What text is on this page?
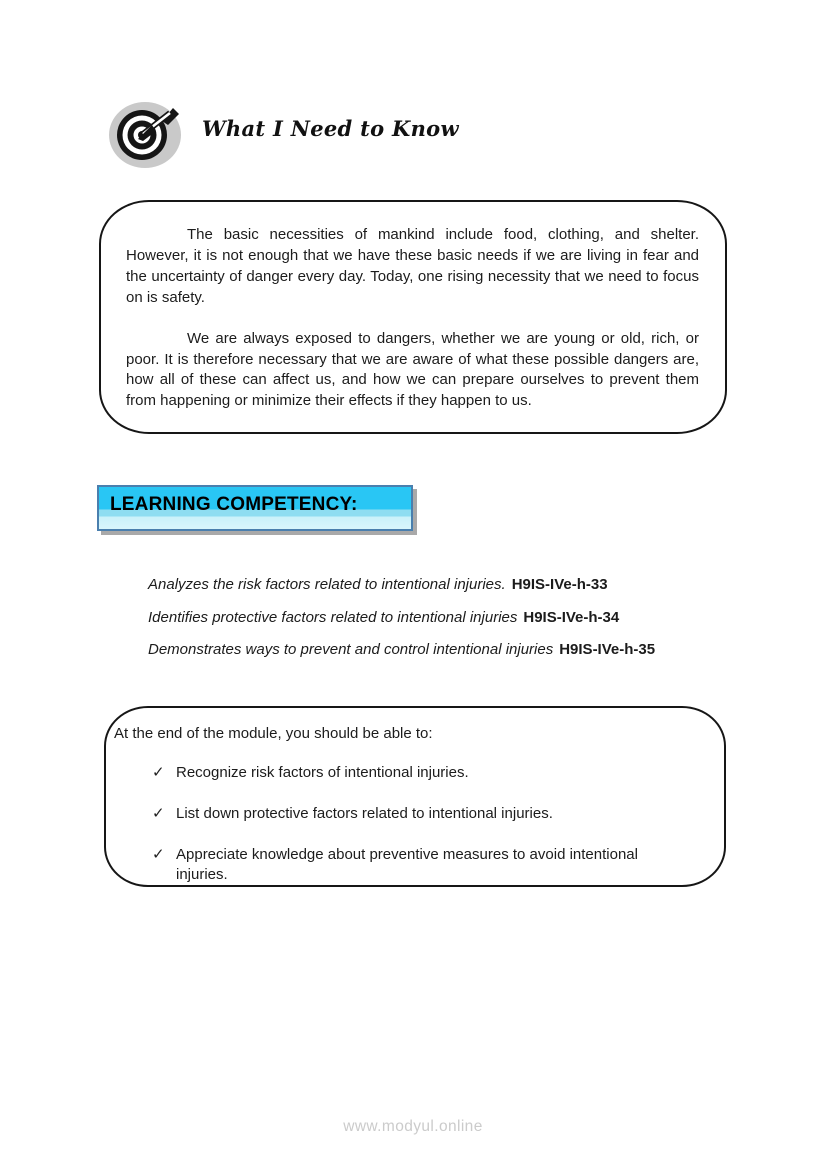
What I Need to Know

The basic necessities of mankind include food, clothing, and shelter. However, it is not enough that we have these basic needs if we are living in fear and the uncertainty of danger every day. Today, one rising necessity that we need to focus on is safety.

We are always exposed to dangers, whether we are young or old, rich, or poor. It is therefore necessary that we are aware of what these possible dangers are, how all of these can affect us, and how we can prepare ourselves to prevent them from happening or minimize their effects if they happen to us.

LEARNING COMPETENCY:
Analyzes the risk factors related to intentional injuries. H9IS-IVe-h-33
Identifies protective factors related to intentional injuries H9IS-IVe-h-34
Demonstrates ways to prevent and control intentional injuries H9IS-IVe-h-35

At the end of the module, you should be able to:

✓ Recognize risk factors of intentional injuries.
✓ List down protective factors related to intentional injuries.
✓ Appreciate knowledge about preventive measures to avoid intentional injuries.
www.modyul.online
